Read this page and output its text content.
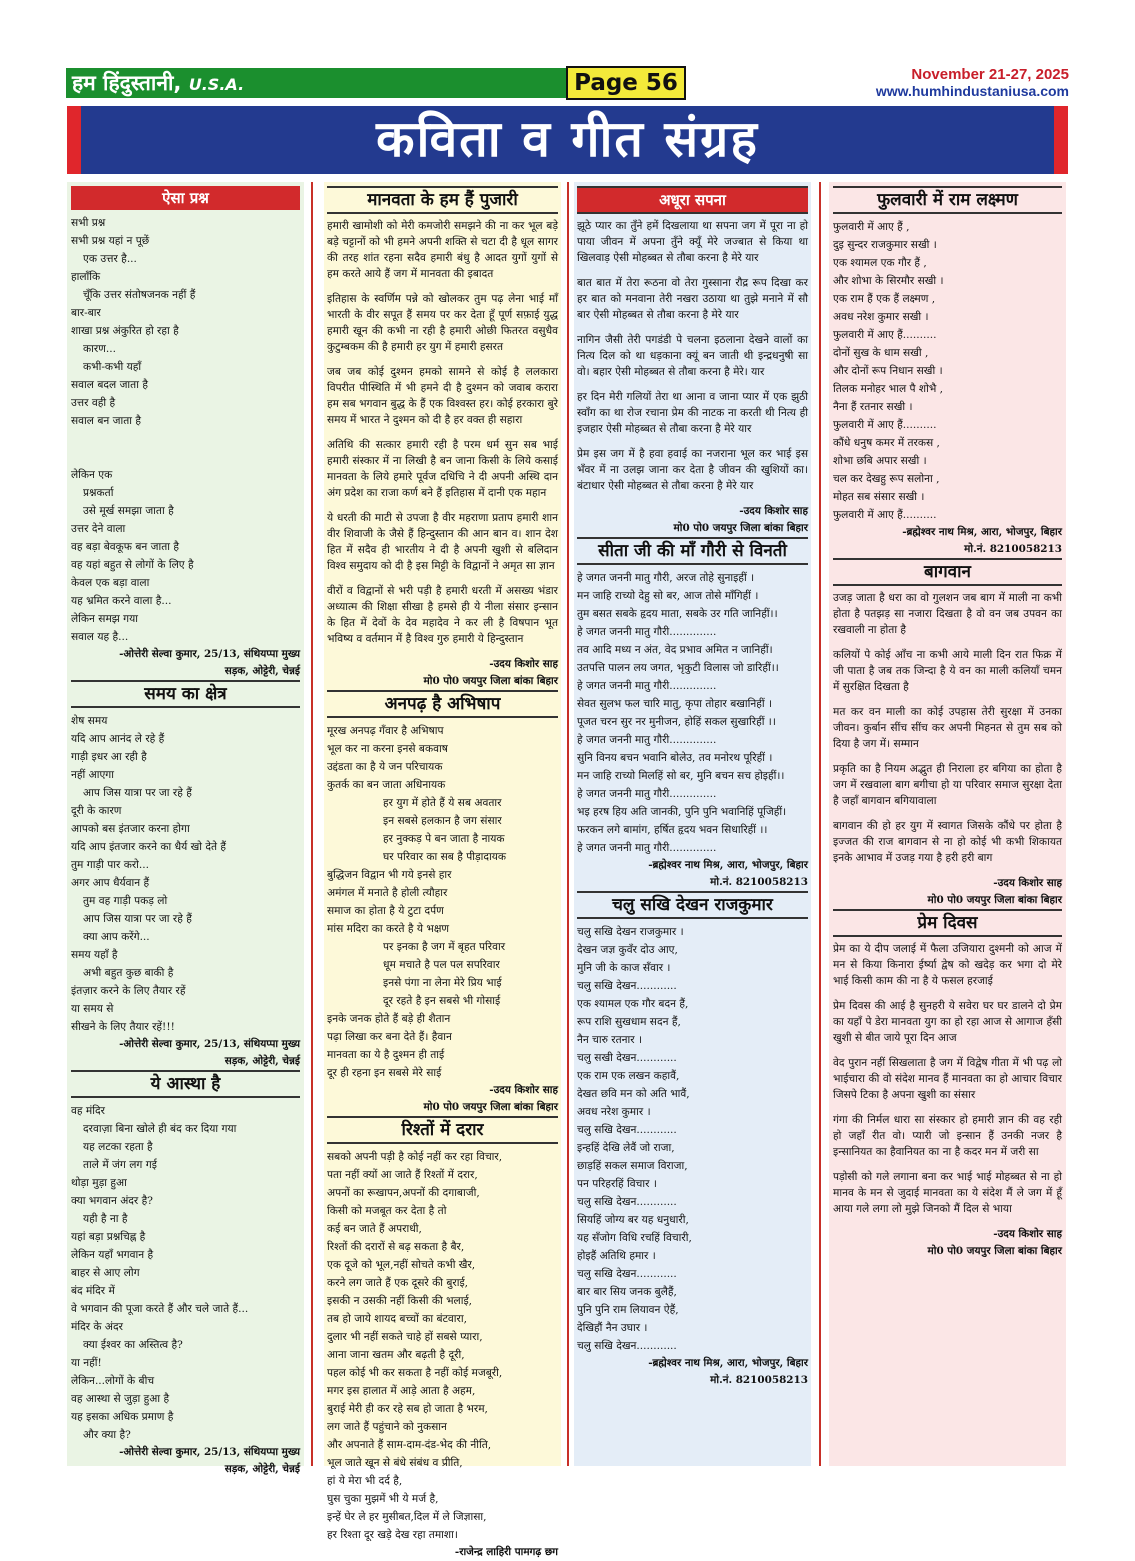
हम हिंदुस्तानी, U.S.A.	Page 56	November 21-27, 2025
www.humhindustaniusa.com
कविता व गीत संग्रह
ऐसा प्रश्न
सभी प्रश्न
सभी प्रश्न यहां न पूछें
एक उत्तर है...
हालाँकि
चूँकि उत्तर संतोषजनक नहीं हैं
बार-बार
शाखा प्रश्न अंकुरित हो रहा है
कारण...
कभी-कभी यहाँ
सवाल बदल जाता है
उत्तर वही है
सवाल बन जाता है
लेकिन एक
प्रश्नकर्ता
उसे मूर्ख समझा जाता है
उत्तर देने वाला
वह बड़ा बेवकूफ बन जाता है
वह यहां बहुत से लोगों के लिए है
केवल एक बड़ा वाला
यह भ्रमित करने वाला है...
लेकिन समझ गया
सवाल यह है...
-ओत्तेरी सेल्वा कुमार, 25/13, संथियप्पा मुख्य
सड़क, ओट्टेरी, चेन्नई
समय का क्षेत्र
शेष समय
यदि आप आनंद ले रहे हैं
गाड़ी इधर आ रही है
नहीं आएगा
आप जिस यात्रा पर जा रहे हैं
दूरी के कारण
आपको बस इंतजार करना होगा
यदि आप इंतजार करने का धैर्य खो देते हैं
तुम गाड़ी पार करो...
अगर आप धैर्यवान हैं
तुम वह गाड़ी पकड़ लो
आप जिस यात्रा पर जा रहे हैं
क्या आप करेंगे...
समय यहाँ है
अभी बहुत कुछ बाकी है
इंतज़ार करने के लिए तैयार रहें
या समय से
सीखने के लिए तैयार रहें!!!
-ओत्तेरी सेल्वा कुमार, 25/13, संथियप्पा मुख्य
सड़क, ओट्टेरी, चेन्नई
ये आस्था है
वह मंदिर
दरवाज़ा बिना खोले ही बंद कर दिया गया
यह लटका रहता है
ताले में जंग लग गई
थोड़ा मुड़ा हुआ
क्या भगवान अंदर है?
यही है ना है
यहां बड़ा प्रश्नचिह्न है
लेकिन यहाँ भगवान है
बाहर से आए लोग
बंद मंदिर में
वे भगवान की पूजा करते हैं और चले जाते हैं...
मंदिर के अंदर
क्या ईश्वर का अस्तित्व है?
या नहीं!
लेकिन...लोगों के बीच
वह आस्था से जुड़ा हुआ है
यह इसका अधिक प्रमाण है
और क्या है?
-ओत्तेरी सेल्वा कुमार, 25/13, संथियप्पा मुख्य
सड़क, ओट्टेरी, चेन्नई
मानवता के हम हैं पुजारी
हमारी खामोशी को मेरी कमजोरी समझने की ना कर भूल बड़े बड़े चट्टानों को भी हमने अपनी शक्ति से चटा दी है धूल सागर की तरह शांत रहना सदैव हमारी बंधु है आदत युगों युगों से हम करते आये हैं जग में मानवता की इबादत
इतिहास के स्वर्णिम पन्ने को खोलकर तुम पढ़ लेना भाई माँ भारती के वीर सपूत हैं समय पर कर देता हूँ पूर्ण सफ़ाई युद्ध हमारी खून की कभी ना रही है हमारी ओछी फितरत वसुधैव कुटुम्बकम की है हमारी हर युग में हमारी हसरत
जब जब कोई दुश्मन हमको सामने से कोई है ललकारा विपरीत पीस्थिति में भी हमने दी है दुश्मन को जवाब करारा हम सब भगवान बुद्ध के हैं एक विश्वस्त हर। कोई हरकारा बुरे समय में भारत ने दुश्मन को दी है हर वक्त ही सहारा
अतिथि की सत्कार हमारी रही है परम धर्म सुन सब भाई हमारी संस्कार में ना लिखी है बन जाना किसी के लिये कसाई मानवता के लिये हमारे पूर्वज दधिचि ने दी अपनी अस्थि दान अंग प्रदेश का राजा कर्ण बने हैं इतिहास में दानी एक महान
ये धरती की माटी से उपजा है वीर महराणा प्रताप हमारी शान वीर शिवाजी के जैसे हैं हिन्दुस्तान की आन बान व। शान देश हित में सदैव ही भारतीय ने दी है अपनी खुशी से बलिदान विश्व समुदाय को दी है इस मिट्टी के विद्वानों ने अमृत सा ज्ञान
वीरों व विद्वानों से भरी पड़ी है हमारी धरती में असख्य भंडार अध्यात्म की शिक्षा सीखा है हमसे ही ये नीला संसार इन्सान के हित में देवों के देव महादेव ने कर ली है विषपान भूत भविष्य व वर्तमान में है विश्व गुरु हमारी ये हिन्दुस्तान
-उदय किशोर साह
मो0 पो0 जयपुर जिला बांका बिहार
अनपढ़ है अभिषाप
मूरख अनपढ़ गँवार है अभिषाप
भूल कर ना करना इनसे बकवाष
उद्दंडता का है ये जन परिचायक
कुतर्क का बन जाता अधिनायक
हर युग में होते हैं ये सब अवतार
इन सबसे हलकान है जग संसार
हर नुक्कड़ पे बन जाता है नायक
घर परिवार का सब है पीड़ादायक
बुद्धिजन विद्वान भी गये इनसे हार
अमंगल में मनाते है होली त्यौहार
समाज का होता है ये टुटा दर्पण
मांस मदिरा का करते है ये भक्षण
पर इनका है जग में बृहत परिवार
धूम मचाते है पल पल सपरिवार
इनसे पंगा ना लेना मेरे प्रिय भाई
दूर रहते है इन सबसे भी गोसाई
इनके जनक होते हैं बड़े ही शैतान
पढ़ा लिखा कर बना देते हैं। हैवान
मानवता का ये है दुश्मन ही ताई
दूर ही रहना इन सबसे मेरे साई
-उदय किशोर साह
मो0 पो0 जयपुर जिला बांका बिहार
रिश्तों में दरार
सबको अपनी पड़ी है कोई नहीं कर रहा विचार,
पता नहीं क्यों आ जाते हैं रिश्तों में दरार,
अपनों का रूखापन,अपनों की दगाबाजी,
किसी को मजबूत कर देता है तो
कई बन जाते हैं अपराधी,
रिश्तों की दरारों से बढ़ सकता है बैर,
एक दूजे को भूल,नहीं सोचते कभी खैर,
करने लग जाते हैं एक दूसरे की बुराई,
इसकी न उसकी नहीं किसी की भलाई,
तब हो जाये शायद बच्चों का बंटवारा,
दुलार भी नहीं सकते चाहे हों सबसे प्यारा,
आना जाना खतम और बढ़ती है दूरी,
पहल कोई भी कर सकता है नहीं कोई मजबूरी,
मगर इस हालात में आड़े आता है अहम,
बुराई मेरी ही कर रहे सब हो जाता है भरम,
लग जाते हैं पहुंचाने को नुकसान
और अपनाते हैं साम-दाम-दंड-भेद की नीति,
भूल जाते खून से बंधे संबंध व प्रीति,
हां ये मेरा भी दर्द है,
घुस चुका मुझमें भी ये मर्ज है,
इन्हें घेर ले हर मुसीबत,दिल में ले जिज्ञासा,
हर रिश्ता दूर खड़े देख रहा तमाशा।
-राजेन्द्र लाहिरी पामगढ़ छग
अधूरा सपना
झूठे प्यार का तुँने हमें दिखलाया था सपना जग में पूरा ना हो पाया जीवन में अपना तुँने क्यूँ मेरे जज्बात से किया था खिलवाड़ ऐसी मोहब्बत से तौबा करना है मेरे यार
बात बात में तेरा रूठना वो तेरा गुस्साना रौद्र रूप दिखा कर हर बात को मनवाना तेरी नखरा उठाया था तुझे मनाने में सौ बार ऐसी मोहब्बत से तौबा करना है मेरे यार
नागिन जैसी तेरी पगडंडी पे चलना इठलाना देखने वालों का नित्य दिल को था धड़काना क्यूं बन जाती थी इन्द्रधनुषी सा वो। बहार ऐसी मोहब्बत से तौबा करना है मेरे। यार
हर दिन मेरी गलियों तेरा था आना व जाना प्यार में एक झुठी स्वाँग का था रोज रचाना प्रेम की नाटक ना करती थी नित्य ही इजहार ऐसी मोहब्बत से तौबा करना है मेरे यार
प्रेम इस जग में है हवा हवाई का नजराना भूल कर भाई इस भँवर में ना उलझ जाना कर देता है जीवन की खुशियों का। बंटाधार ऐसी मोहब्बत से तौबा करना है मेरे यार
-उदय किशोर साह
मो0 पो0 जयपुर जिला बांका बिहार
सीता जी की माँ गौरी से विनती
हे जगत जननी मातु गौरी, अरज तोहे सुनाइहीं ।
मन जाहि राच्यो देहु सो बर, आज तोसे माँगिहीं ।
तुम बसत सबके हृदय माता, सबके उर गति जानिहीं।।
हे जगत जननी मातु गौरी..............
तव आदि मध्य न अंत, वेद प्रभाव अमित न जानिहीं।
उतपत्ति पालन लय जगत, भृकुटी विलास जो डारिहीं।।
हे जगत जननी मातु गौरी..............
सेवत सुलभ फल चारि मातु, कृपा तोहार बखानिहीं ।
पूजत चरन सुर नर मुनीजन, होहिं सकल सुखारिहीं ।।
हे जगत जननी मातु गौरी..............
सुनि विनय बचन भवानि बोलेउ, तव मनोरथ पूरिहीं ।
मन जाहि राच्यो मिलहिं सो बर, मुनि बचन सच होइहीं।।
हे जगत जननी मातु गौरी..............
भइ हरष हिय अति जानकी, पुनि पुनि भवानिहिं पूजिहीं।
फरकन लगे बामांग, हर्षित हृदय भवन सिधारिहीं ।।
हे जगत जननी मातु गौरी..............
-ब्रह्मेश्वर नाथ मिश्र, आरा, भोजपुर, बिहार
मो.नं. 8210058213
चलु सखि देखन राजकुमार
चलु सखि देखन राजकुमार ।
देखन जज्ञ कुवँर दोउ आए,
मुनि जी के काज सँवार ।
चलु सखि देखन............
एक श्यामल एक गौर बदन हैं,
रूप राशि सुखधाम सदन हैं,
नैन चारु रतनार ।
चलु सखी देखन............
एक राम एक लखन कहावैं,
देखत छवि मन को अति भावैं,
अवध नरेश कुमार ।
चलु सखि देखन............
इन्हहिं देखि लेवैं जो राजा,
छाड़हिं सकल समाज विराजा,
पन परिहरहिं विचार ।
चलु सखि देखन............
सियहिं जोग्य बर यह धनुधारी,
यह सँजोग विधि रचहिं विचारी,
होइहैं अतिथि हमार ।
चलु सखि देखन............
बार बार सिय जनक बुलैहैं,
पुनि पुनि राम लियावन ऐहैं,
देखिहौं नैन उघार ।
चलु सखि देखन............
-ब्रह्मेश्वर नाथ मिश्र, आरा, भोजपुर, बिहार
मो.नं. 8210058213
फुलवारी में राम लक्ष्मण
फुलवारी में आए हैं ,
दुइ सुन्दर राजकुमार सखी ।
एक श्यामल एक गौर हैं ,
और शोभा के सिरमौर सखी ।
एक राम हैं एक हैं लक्ष्मण ,
अवध नरेश कुमार सखी ।
फुलवारी में आए हैं..........
दोनों सुख के धाम सखी ,
और दोनों रूप निधान सखी ।
तिलक मनोहर भाल पै शोभै ,
नैना हैं रतनार सखी ।
फुलवारी में आए हैं..........
कौंधे धनुष कमर में तरकस ,
शोभा छबि अपार सखी ।
चल कर देखहु रूप सलोना ,
मोहत सब संसार सखी ।
फुलवारी में आए हैं..........
-ब्रह्मेश्वर नाथ मिश्र, आरा, भोजपुर, बिहार
मो.नं. 8210058213
बागवान
उजड़ जाता है धरा का वो गुलशन जब बाग में माली ना कभी होता है पतझड़ सा नजारा दिखता है वो वन जब उपवन का रखवाली ना होता है
कलियों पे कोई आँच ना कभी आये माली दिन रात फिक्र में जी पाता है जब तक जिन्दा है ये वन का माली कलियाँ चमन में सुरक्षित दिखता है
मत कर वन माली का कोई उपहास तेरी सुरक्षा में उनका जीवन। कुर्बान सींच सींच कर अपनी मिहनत से तुम सब को दिया है जग में। सम्मान
प्रकृति का है नियम अद्भुत ही निराला हर बगिया का होता है जग में रखवाला बाग बगीचा हो या परिवार समाज सुरक्षा देता है जहाँ बागवान बगियावाला
बागवान की हो हर युग में स्वागत जिसके कौंधे पर होता है इज्जत की राज बागवान से ना हो कोई भी कभी शिकायत इनके आभाव में उजड़ गया है हरी हरी बाग
-उदय किशोर साह
मो0 पो0 जयपुर जिला बांका बिहार
प्रेम दिवस
प्रेम का ये दीप जलाई में फैला उजियारा दुश्मनी को आज में मन से किया किनारा ईर्ष्या द्वेष को खदेड़ कर भगा दो मेरे भाई किसी काम की ना है ये फसल हरजाई
प्रेम दिवस की आई है सुनहरी ये सवेरा घर घर डालने दो प्रेम का यहाँ पे डेरा मानवता युग का हो रहा आज से आगाज हँसी खुशी से बीत जाये पूरा दिन आज
वेद पुरान नहीं सिखलाता है जग में विद्वेष गीता में भी पढ़ लो भाईचारा की वो संदेश मानव हैं मानवता का हो आचार विचार जिसपे टिका है अपना खुशी का संसार
गंगा की निर्मल धारा सा संस्कार हो हमारी ज्ञान की वह रही हो जहाँ रीत वो। प्यारी जो इन्सान हैं उनकी नजर है इन्सानियत का हैवानियत का ना है कदर मन में जरी सा
पड़ोसी को गले लगाना बना कर भाई भाई मोहब्बत से ना हो मानव के मन से जुदाई मानवता का ये संदेश मैं ले जग में हूँ आया गले लगा लो मुझे जिनको मैं दिल से भाया
-उदय किशोर साह
मो0 पो0 जयपुर जिला बांका बिहार
